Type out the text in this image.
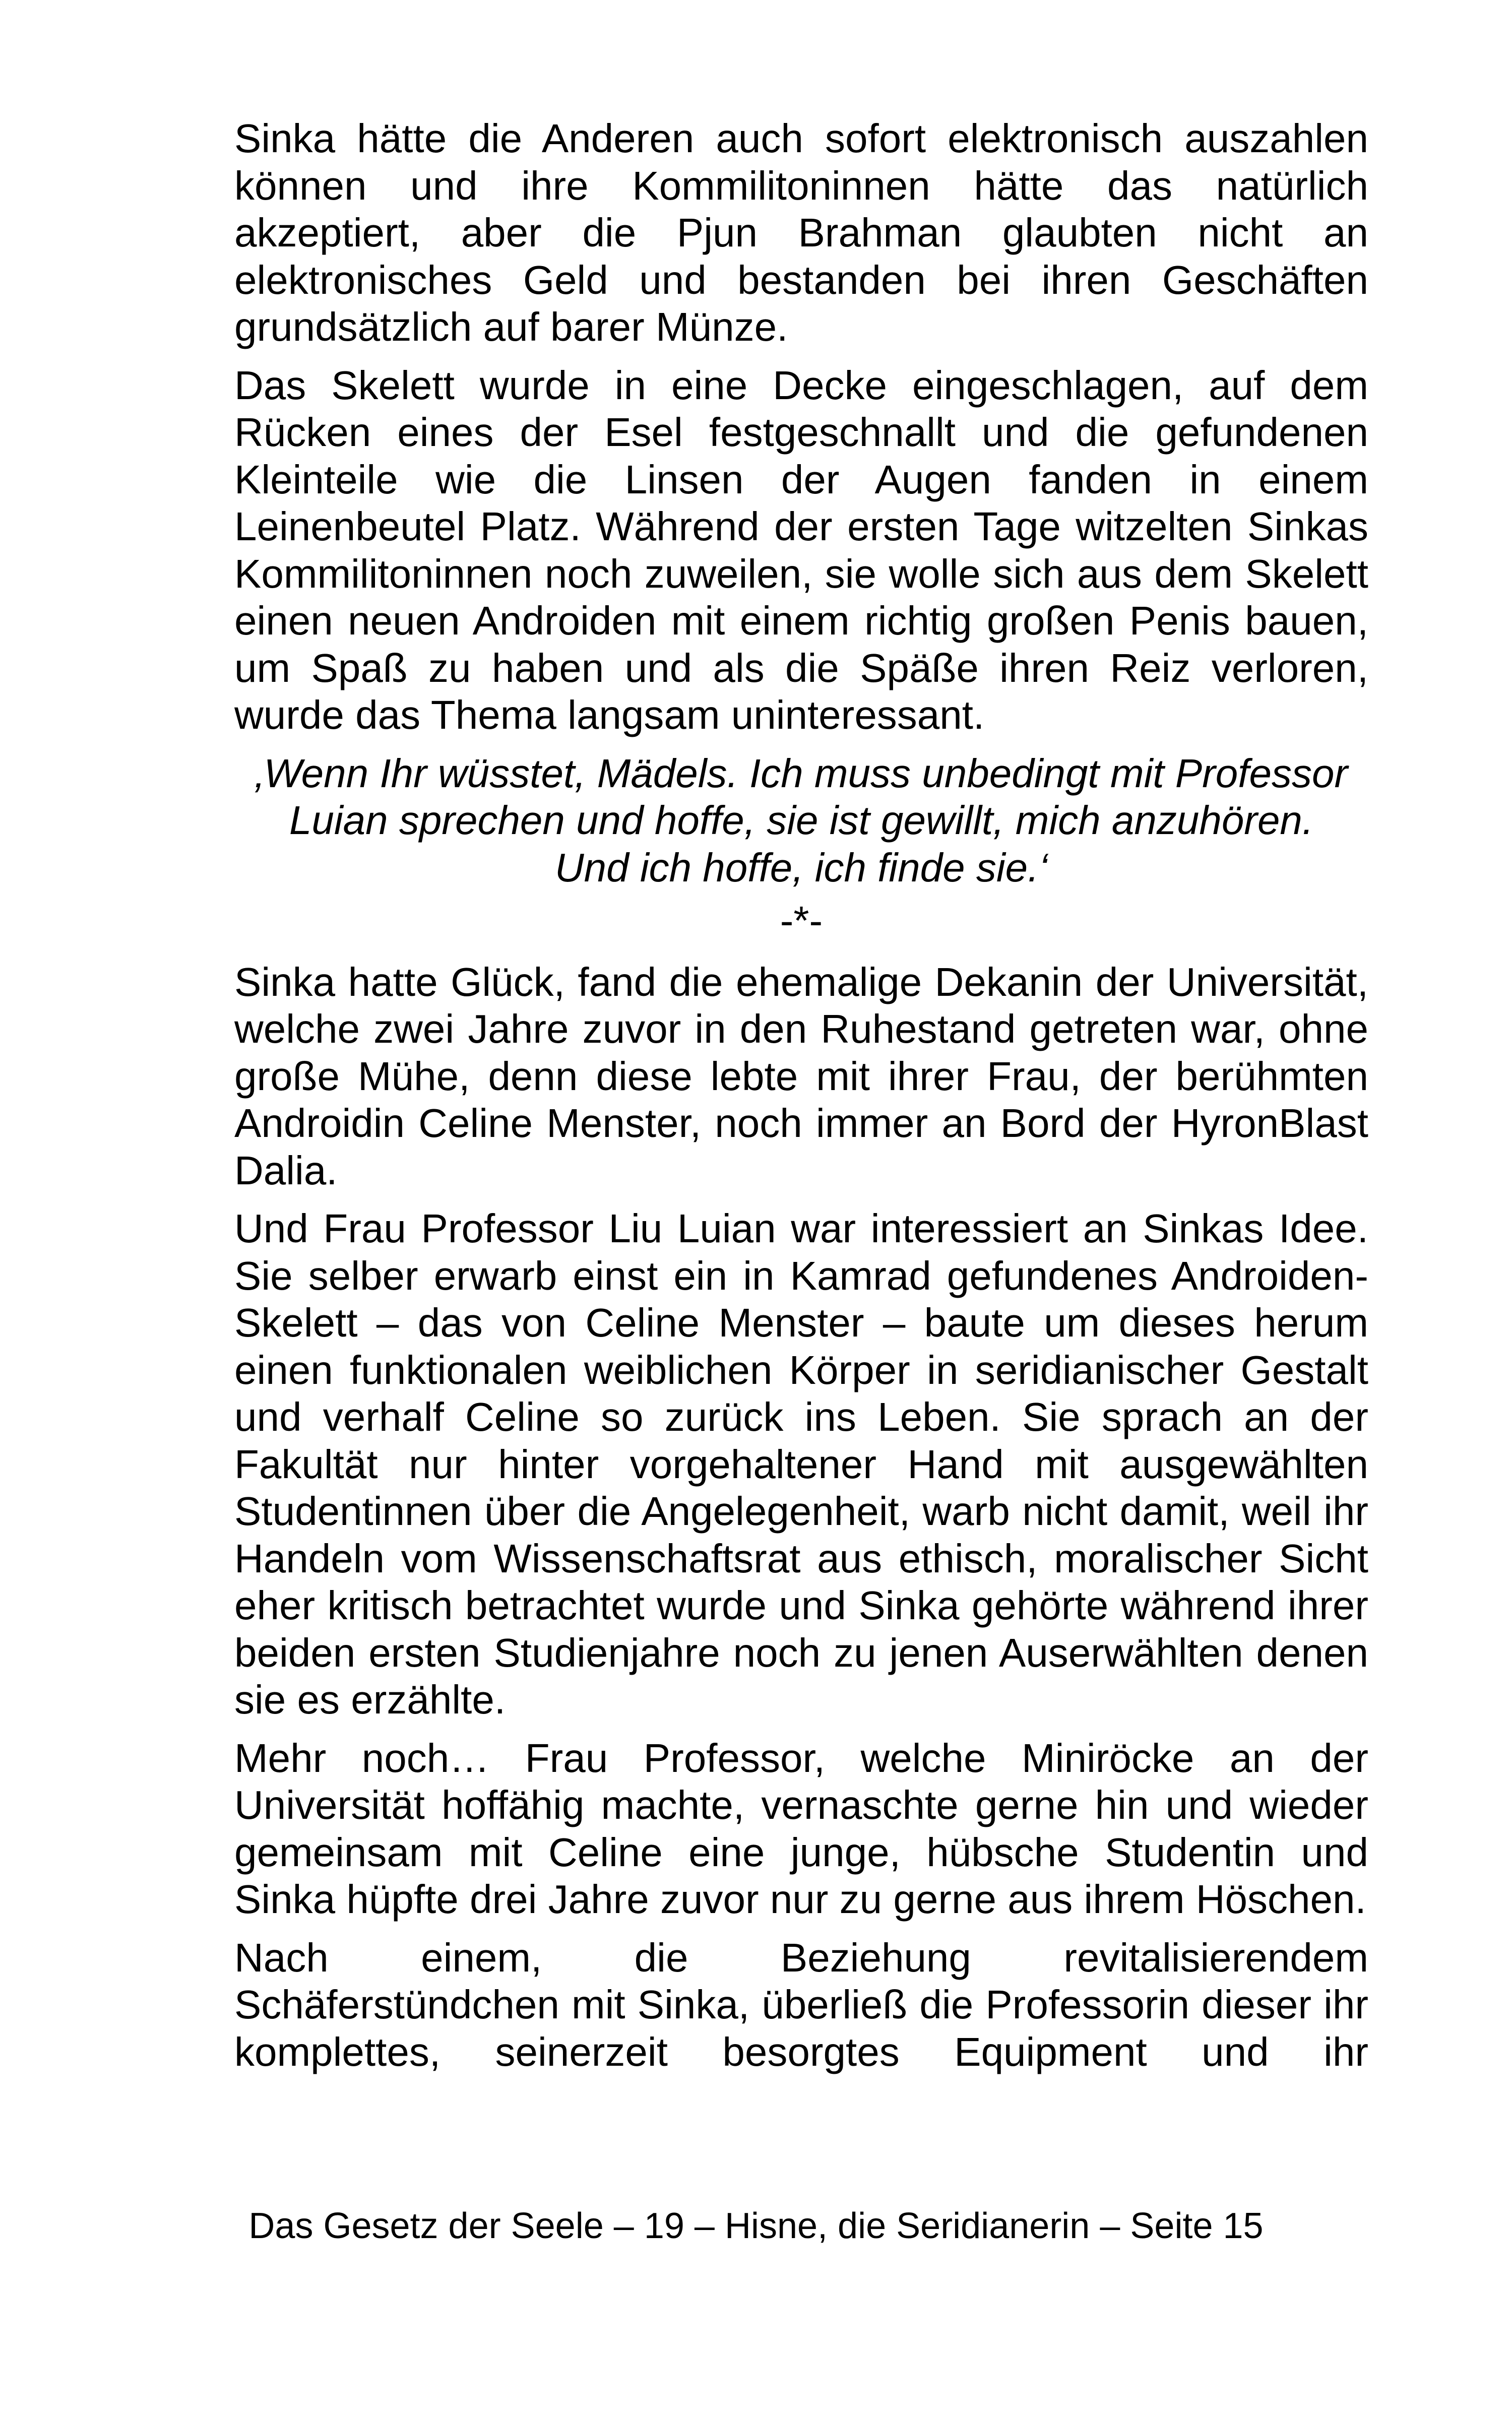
Sinka hätte die Anderen auch sofort elektronisch auszahlen können und ihre Kommilitoninnen hätte das natürlich akzeptiert, aber die Pjun Brahman glaubten nicht an elektronisches Geld und bestanden bei ihren Geschäften grundsätzlich auf barer Münze.

Das Skelett wurde in eine Decke eingeschlagen, auf dem Rücken eines der Esel festgeschnallt und die gefundenen Kleinteile wie die Linsen der Augen fanden in einem Leinenbeutel Platz. Während der ersten Tage witzelten Sinkas Kommilitoninnen noch zuweilen, sie wolle sich aus dem Skelett einen neuen Androiden mit einem richtig großen Penis bauen, um Spaß zu haben und als die Späße ihren Reiz verloren, wurde das Thema langsam uninteressant.

‚Wenn Ihr wüsstet, Mädels. Ich muss unbedingt mit Professor
Luian sprechen und hoffe, sie ist gewillt, mich anzuhören.
Und ich hoffe, ich finde sie.‘
-*-

Sinka hatte Glück, fand die ehemalige Dekanin der Universität, welche zwei Jahre zuvor in den Ruhestand getreten war, ohne große Mühe, denn diese lebte mit ihrer Frau, der berühmten Androidin Celine Menster, noch immer an Bord der HyronBlast Dalia.

Und Frau Professor Liu Luian war interessiert an Sinkas Idee. Sie selber erwarb einst ein in Kamrad gefundenes Androiden-Skelett – das von Celine Menster – baute um dieses herum einen funktionalen weiblichen Körper in seridianischer Gestalt und verhalf Celine so zurück ins Leben. Sie sprach an der Fakultät nur hinter vorgehaltener Hand mit ausgewählten Studentinnen über die Angelegenheit, warb nicht damit, weil ihr Handeln vom Wissenschaftsrat aus ethisch, moralischer Sicht eher kritisch betrachtet wurde und Sinka gehörte während ihrer beiden ersten Studienjahre noch zu jenen Auserwählten denen sie es erzählte.

Mehr noch… Frau Professor, welche Miniröcke an der Universität hoffähig machte, vernaschte gerne hin und wieder gemeinsam mit Celine eine junge, hübsche Studentin und Sinka hüpfte drei Jahre zuvor nur zu gerne aus ihrem Höschen.

Nach einem, die Beziehung revitalisierendem Schäferstündchen mit Sinka, überließ die Professorin dieser ihr komplettes, seinerzeit besorgtes Equipment und ihr

Das Gesetz der Seele – 19 – Hisne, die Seridianerin – Seite 15
